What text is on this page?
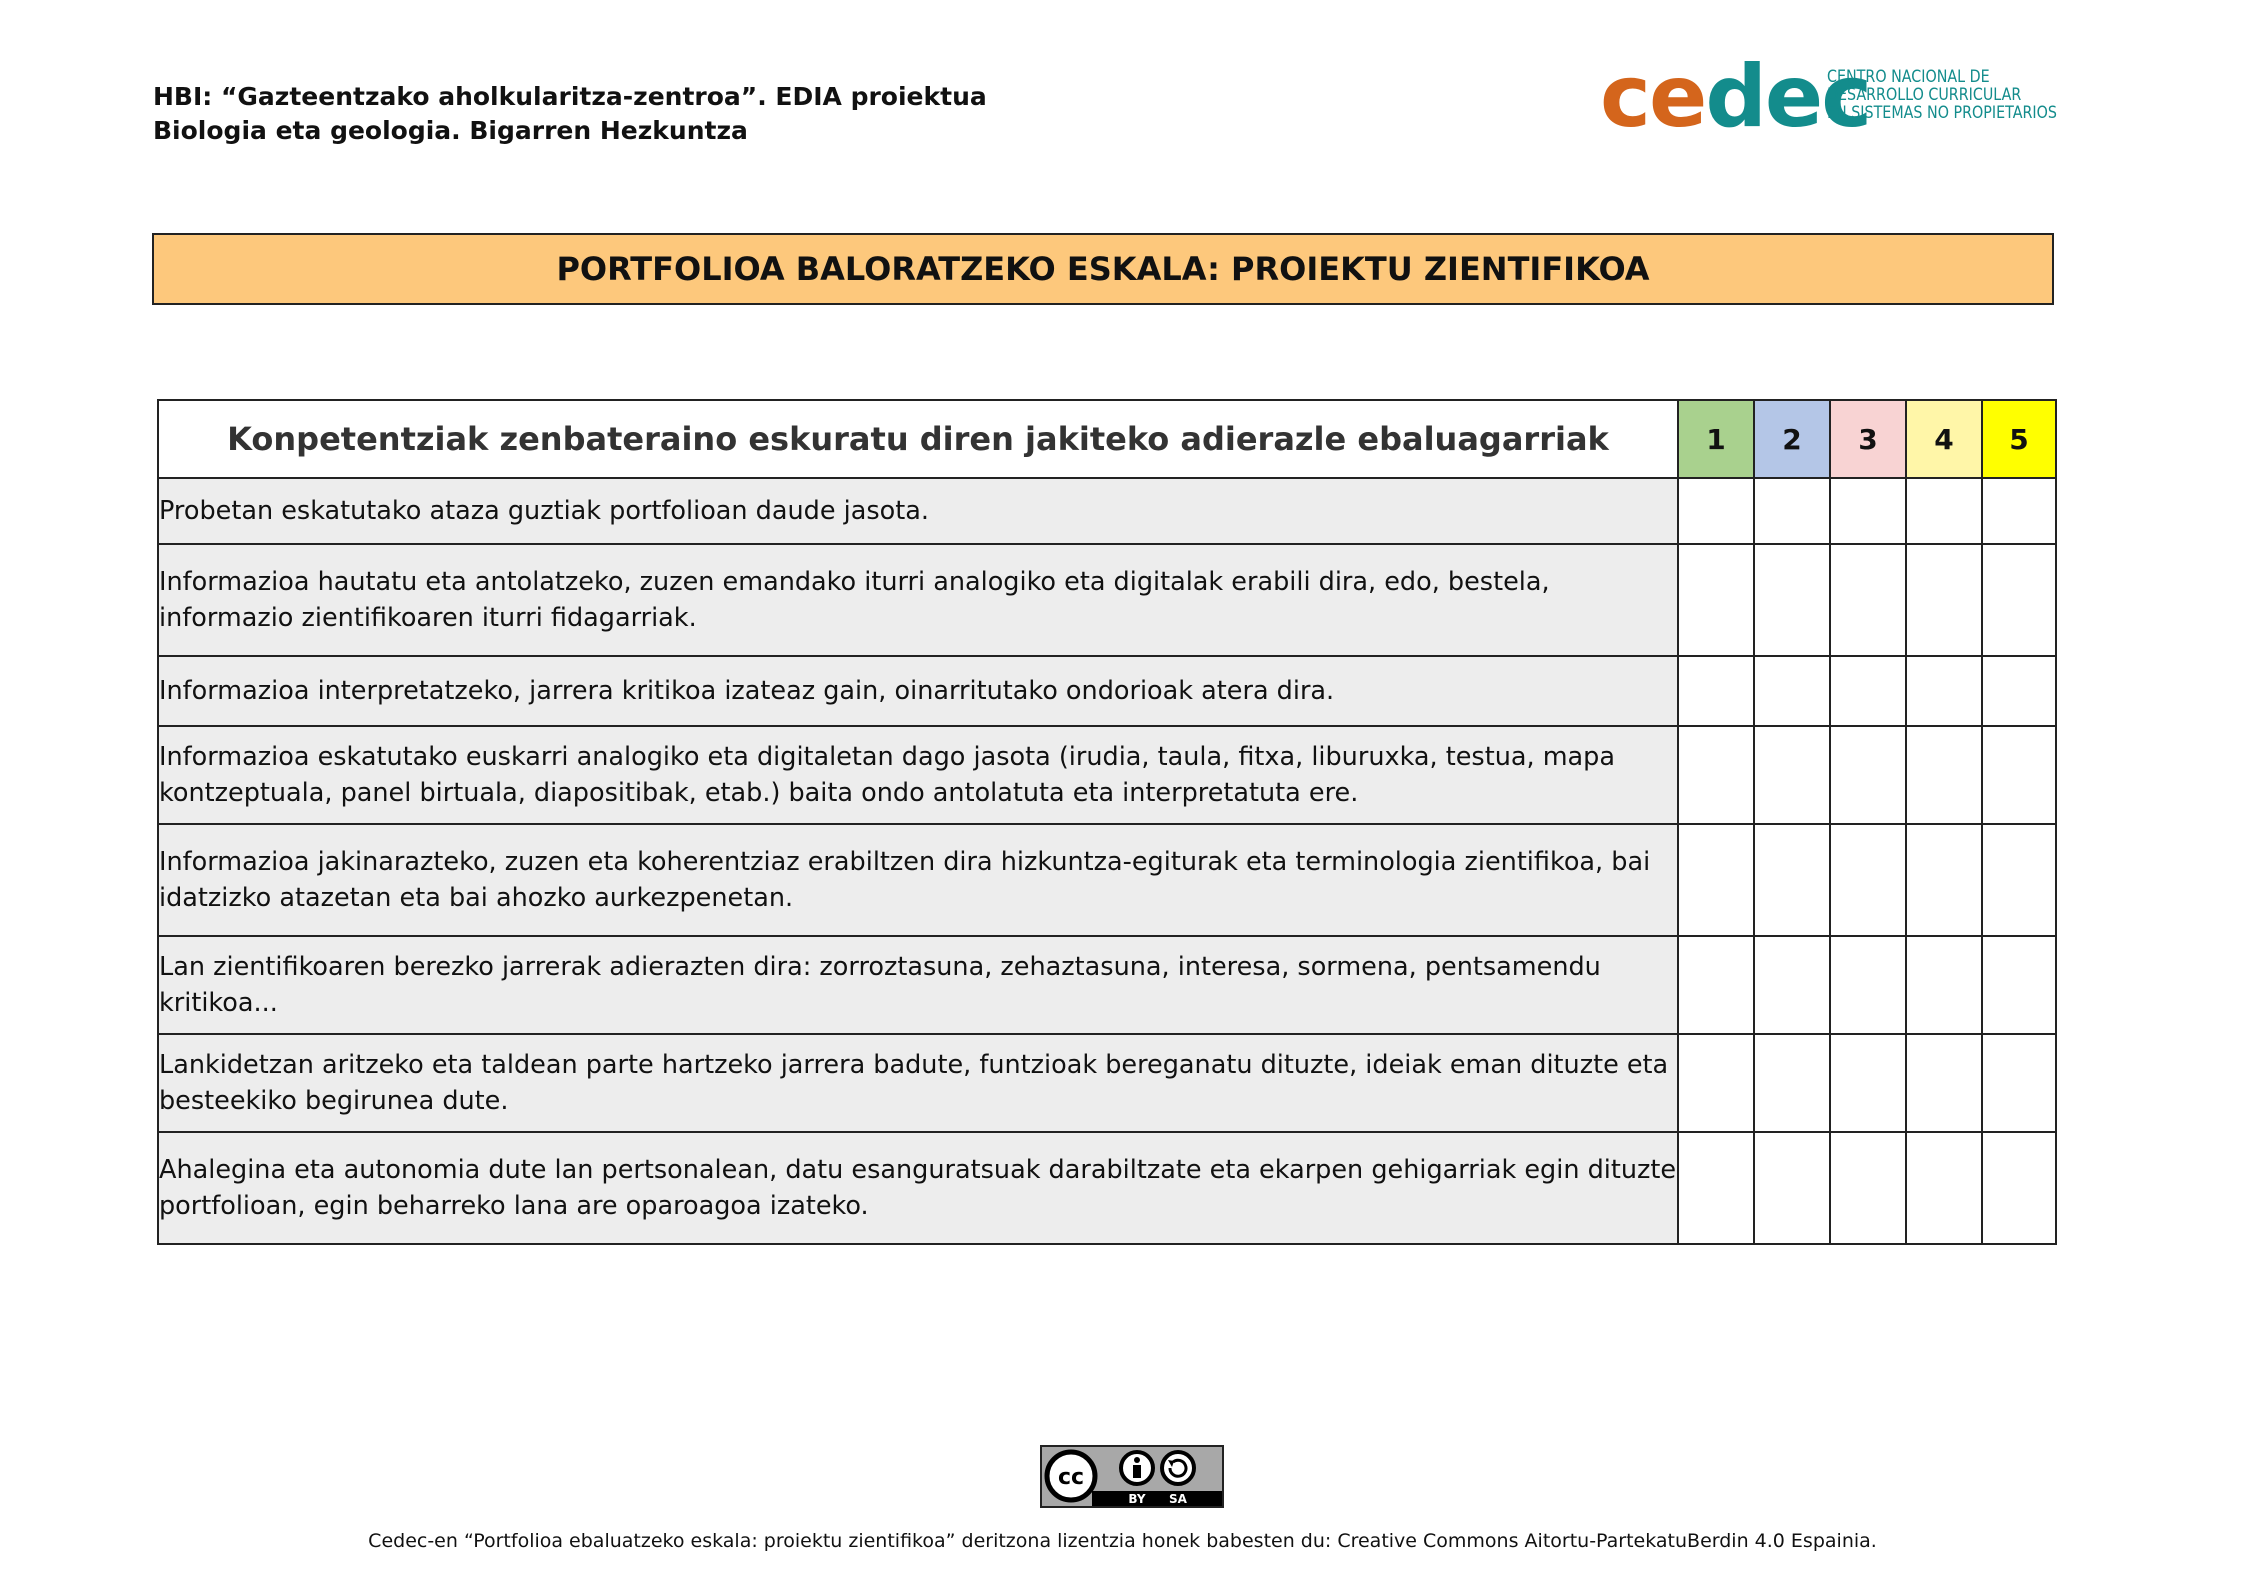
HBI: “Gazteentzako aholkularitza-zentroa”. EDIA proiektua
Biologia eta geologia. Bigarren Hezkuntza	cedec
CENTRO NACIONAL DE
DESARROLLO CURRICULAR
EN SISTEMAS NO PROPIETARIOS
PORTFOLIOA BALORATZEKO ESKALA: PROIEKTU ZIENTIFIKOA
Konpetentziak zenbateraino eskuratu diren jakiteko adierazle ebaluagarriak	1	2	3	4	5
Probetan eskatutako ataza guztiak portfolioan daude jasota.					
Informazioa hautatu eta antolatzeko, zuzen emandako iturri analogiko eta digitalak erabili dira, edo, bestela, informazio zientifikoaren iturri fidagarriak.					
Informazioa interpretatzeko, jarrera kritikoa izateaz gain, oinarritutako ondorioak atera dira.					
Informazioa eskatutako euskarri analogiko eta digitaletan dago jasota (irudia, taula, fitxa, liburuxka, testua, mapa kontzeptuala, panel birtuala, diapositibak, etab.) baita ondo antolatuta eta interpretatuta ere.					
Informazioa jakinarazteko, zuzen eta koherentziaz erabiltzen dira hizkuntza-egiturak eta terminologia zientifikoa, bai idatzizko atazetan eta bai ahozko aurkezpenetan.					
Lan zientifikoaren berezko jarrerak adierazten dira: zorroztasuna, zehaztasuna, interesa, sormena, pentsamendu kritikoa...					
Lankidetzan aritzeko eta taldean parte hartzeko jarrera badute, funtzioak bereganatu dituzte, ideiak eman dituzte eta besteekiko begirunea dute.					
Ahalegina eta autonomia dute lan pertsonalean, datu esanguratsuak darabiltzate eta ekarpen gehigarriak egin dituzte portfolioan, egin beharreko lana are oparoagoa izateko.					
cc
BY SA
Cedec-en “Portfolioa ebaluatzeko eskala: proiektu zientifikoa” deritzona lizentzia honek babesten du: Creative Commons Aitortu-PartekatuBerdin 4.0 Espainia.
